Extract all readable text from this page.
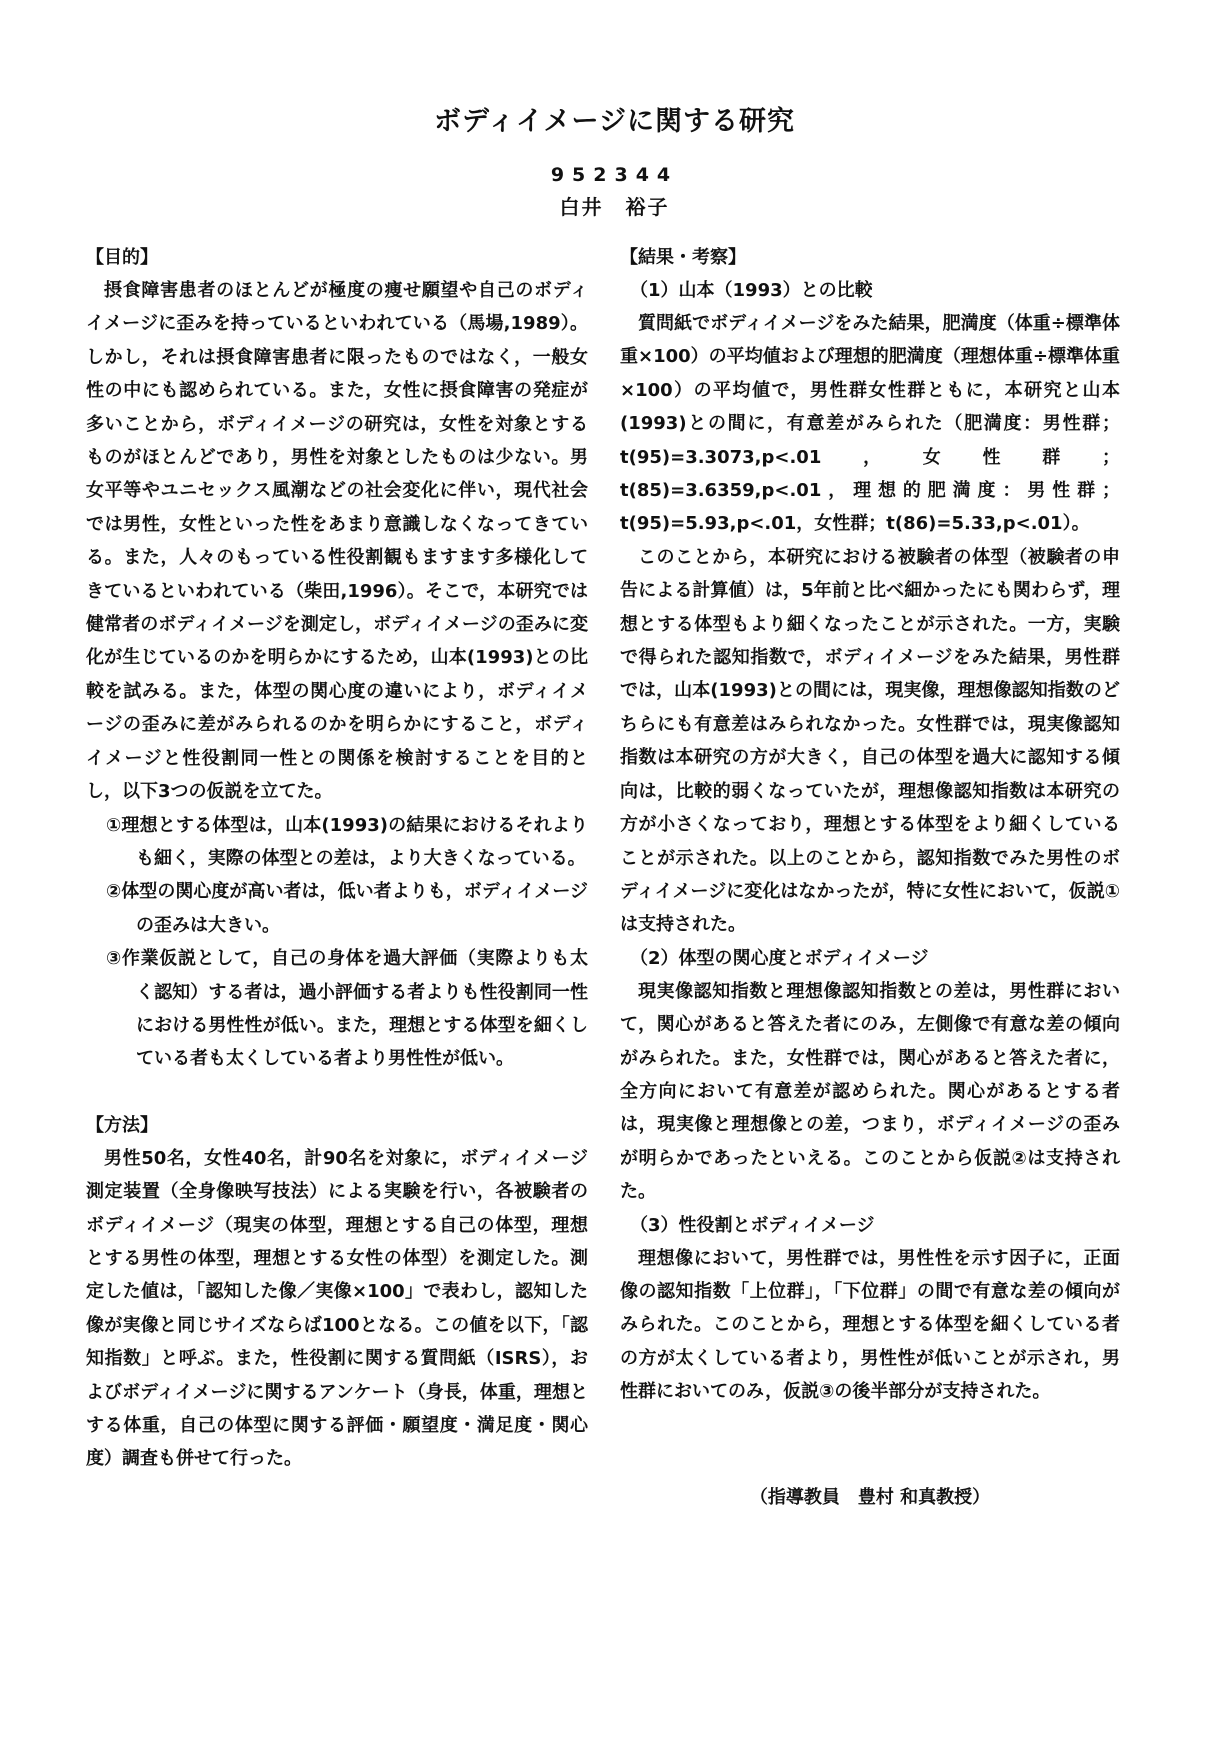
ボディイメージに関する研究
952344
白井　裕子
【目的】

摂食障害患者のほとんどが極度の痩せ願望や自己のボディイメージに歪みを持っているといわれている（馬場,1989）。しかし，それは摂食障害患者に限ったものではなく，一般女性の中にも認められている。また，女性に摂食障害の発症が多いことから，ボディイメージの研究は，女性を対象とするものがほとんどであり，男性を対象としたものは少ない。男女平等やユニセックス風潮などの社会変化に伴い，現代社会では男性，女性といった性をあまり意識しなくなってきている。また，人々のもっている性役割観もますます多様化してきているといわれている（柴田,1996）。そこで，本研究では健常者のボディイメージを測定し，ボディイメージの歪みに変化が生じているのかを明らかにするため，山本(1993)との比較を試みる。また，体型の関心度の違いにより，ボディイメージの歪みに差がみられるのかを明らかにすること，ボディイメージと性役割同一性との関係を検討することを目的とし，以下3つの仮説を立てた。

①理想とする体型は，山本(1993)の結果におけるそれよりも細く，実際の体型との差は，より大きくなっている。

②体型の関心度が高い者は，低い者よりも，ボディイメージの歪みは大きい。

③作業仮説として，自己の身体を過大評価（実際よりも太く認知）する者は，過小評価する者よりも性役割同一性における男性性が低い。また，理想とする体型を細くしている者も太くしている者より男性性が低い。

【方法】

男性50名，女性40名，計90名を対象に，ボディイメージ測定装置（全身像映写技法）による実験を行い，各被験者のボディイメージ（現実の体型，理想とする自己の体型，理想とする男性の体型，理想とする女性の体型）を測定した。測定した値は，「認知した像／実像×100」で表わし，認知した像が実像と同じサイズならば100となる。この値を以下，「認知指数」と呼ぶ。また，性役割に関する質問紙（ISRS），およびボディイメージに関するアンケート（身長，体重，理想とする体重，自己の体型に関する評価・願望度・満足度・関心度）調査も併せて行った。

【結果・考察】
（1）山本（1993）との比較

質問紙でボディイメージをみた結果，肥満度（体重÷標準体重×100）の平均値および理想的肥満度（理想体重÷標準体重×100）の平均値で，男性群女性群ともに，本研究と山本(1993)との間に，有意差がみられた（肥満度：男性群；t(95)=3.3073,p<.01，女性群；t(85)=3.6359,p<.01，理想的肥満度：男性群；t(95)=5.93,p<.01，女性群；t(86)=5.33,p<.01）。

このことから，本研究における被験者の体型（被験者の申告による計算値）は，5年前と比べ細かったにも関わらず，理想とする体型もより細くなったことが示された。一方，実験で得られた認知指数で，ボディイメージをみた結果，男性群では，山本(1993)との間には，現実像，理想像認知指数のどちらにも有意差はみられなかった。女性群では，現実像認知指数は本研究の方が大きく，自己の体型を過大に認知する傾向は，比較的弱くなっていたが，理想像認知指数は本研究の方が小さくなっており，理想とする体型をより細くしていることが示された。以上のことから，認知指数でみた男性のボディイメージに変化はなかったが，特に女性において，仮説①は支持された。

（2）体型の関心度とボディイメージ

現実像認知指数と理想像認知指数との差は，男性群において，関心があると答えた者にのみ，左側像で有意な差の傾向がみられた。また，女性群では，関心があると答えた者に，全方向において有意差が認められた。関心があるとする者は，現実像と理想像との差，つまり，ボディイメージの歪みが明らかであったといえる。このことから仮説②は支持された。

（3）性役割とボディイメージ

理想像において，男性群では，男性性を示す因子に，正面像の認知指数「上位群」，「下位群」の間で有意な差の傾向がみられた。このことから，理想とする体型を細くしている者の方が太くしている者より，男性性が低いことが示され，男性群においてのみ，仮説③の後半部分が支持された。

（指導教員　豊村 和真教授）
